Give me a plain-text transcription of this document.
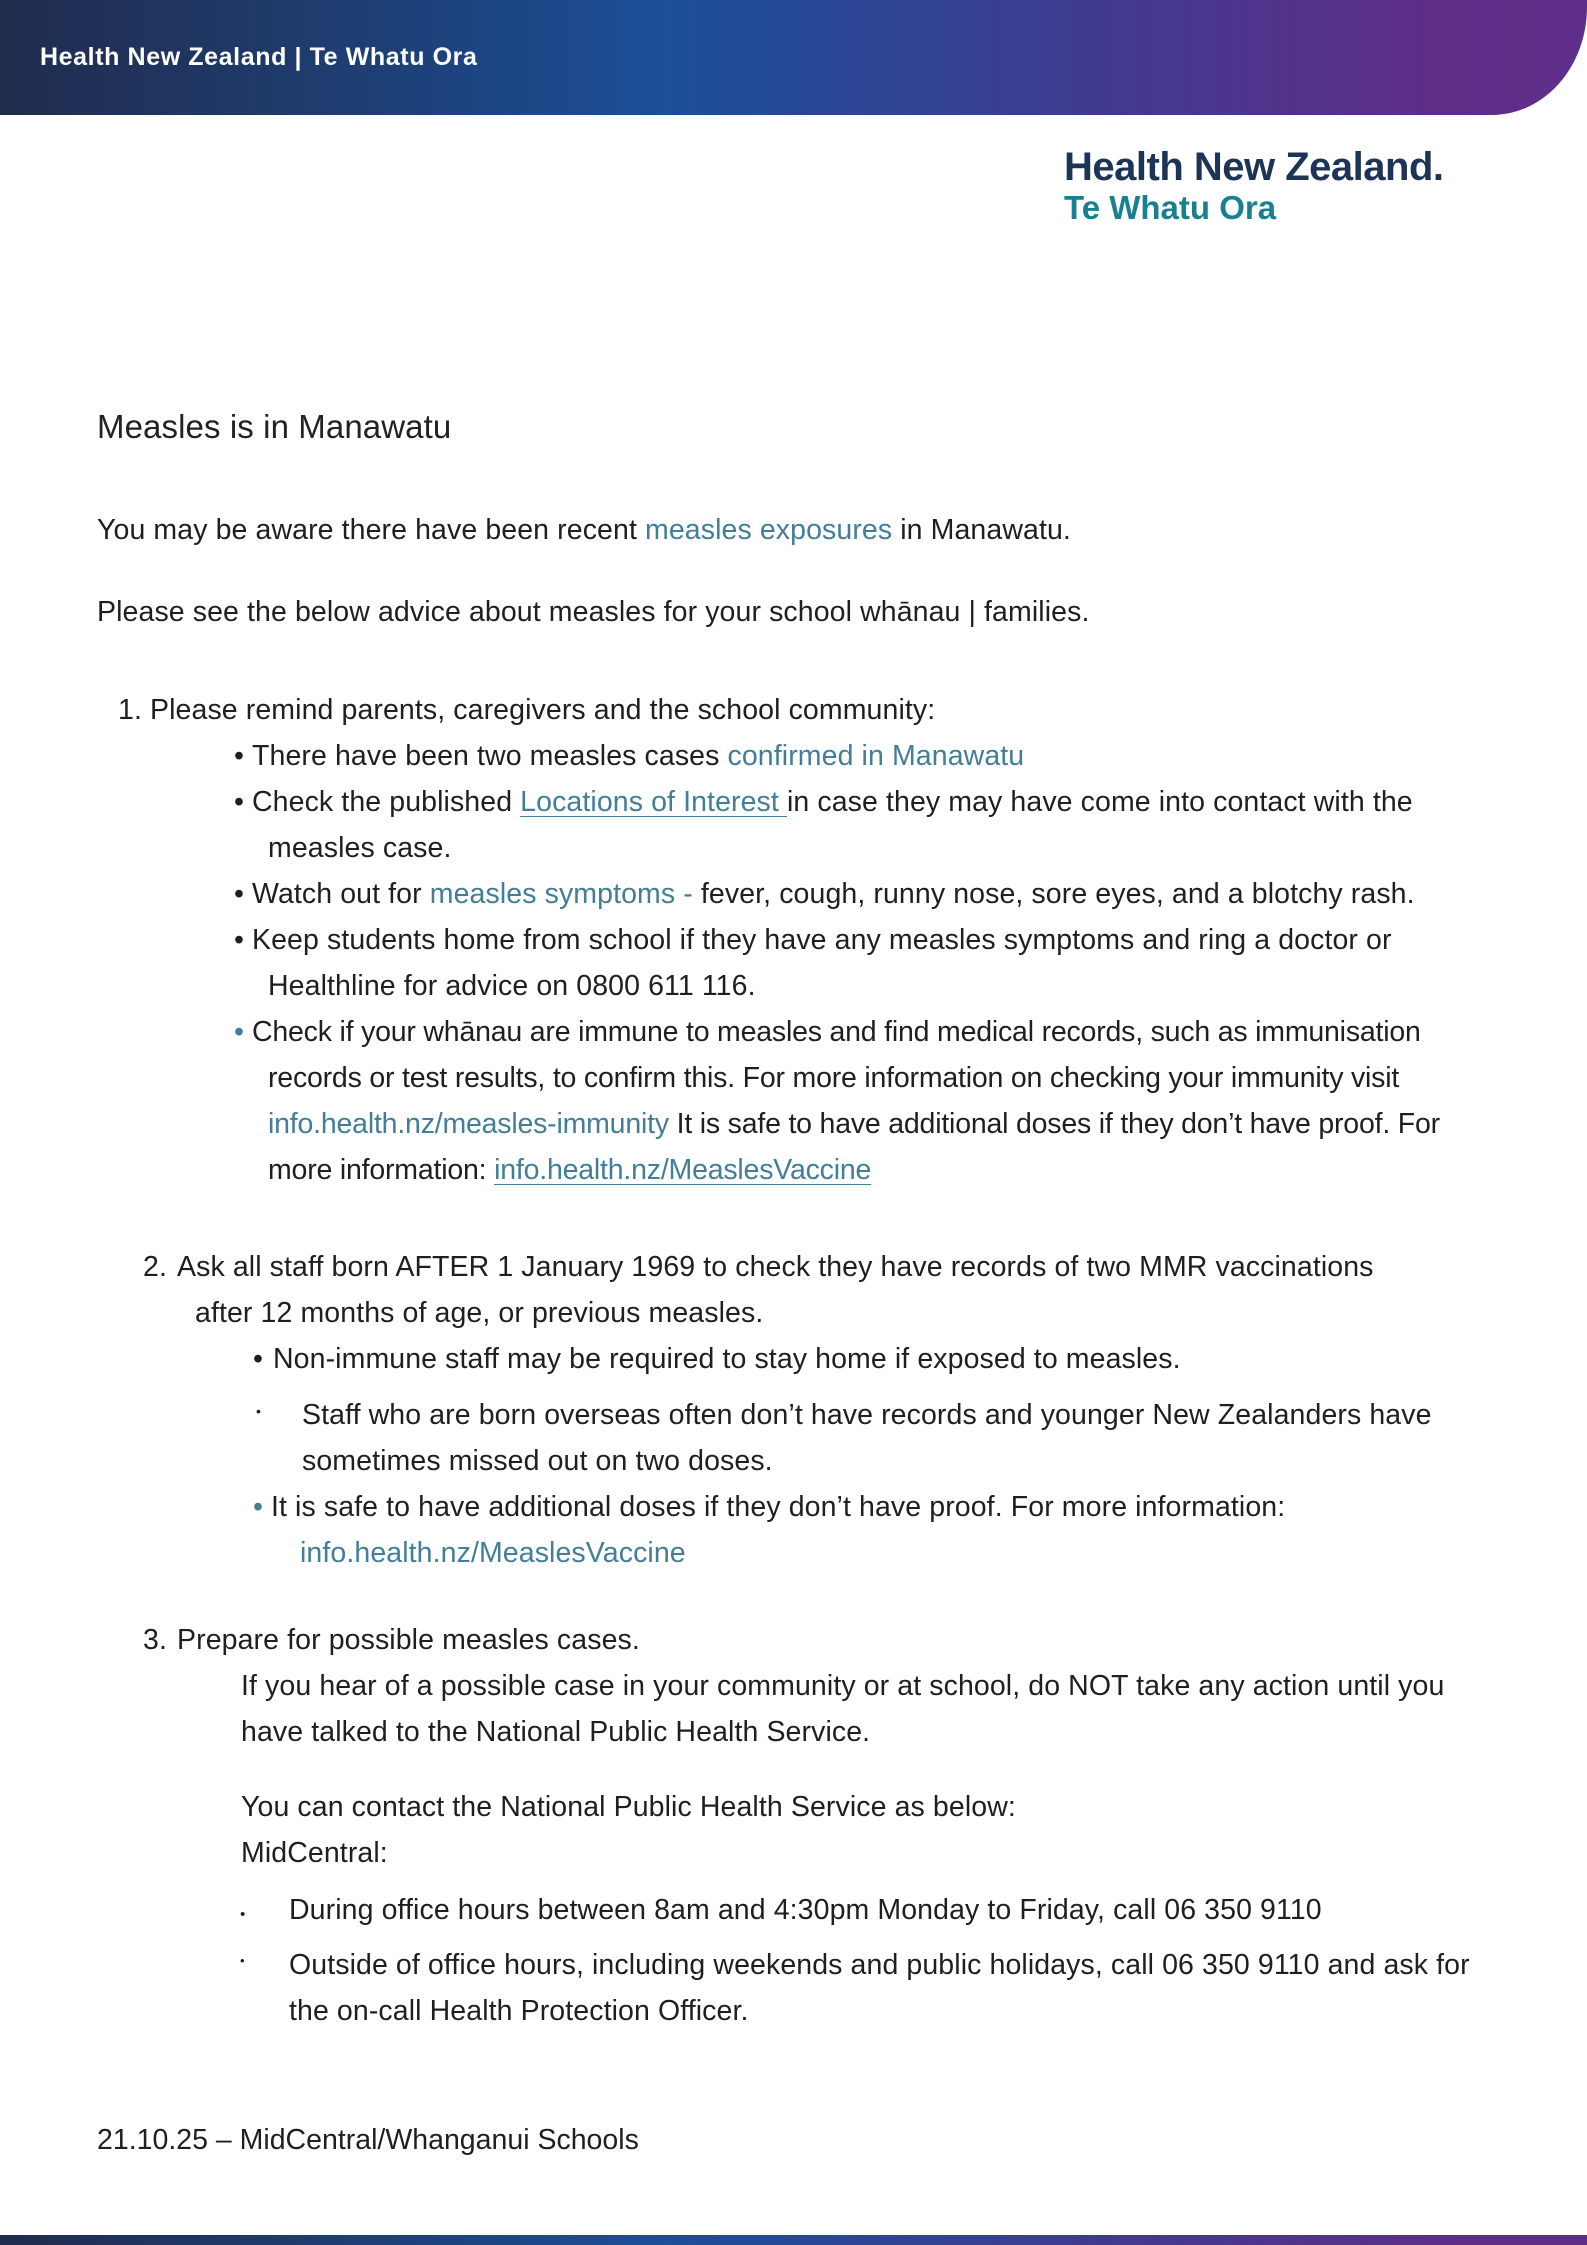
Health New Zealand | Te Whatu Ora
Health New Zealand.
Te Whatu Ora
Measles is in Manawatu

You may be aware there have been recent measles exposures in Manawatu.

Please see the below advice about measles for your school whānau | families.

1. Please remind parents, caregivers and the school community:

• There have been two measles cases confirmed in Manawatu
• Check the published Locations of Interest in case they may have come into contact with the measles case.
• Watch out for measles symptoms - fever, cough, runny nose, sore eyes, and a blotchy rash.
• Keep students home from school if they have any measles symptoms and ring a doctor or Healthline for advice on 0800 611 116.
• Check if your whānau are immune to measles and find medical records, such as immunisation records or test results, to confirm this. For more information on checking your immunity visit info.health.nz/measles-immunity It is safe to have additional doses if they don’t have proof. For more information: info.health.nz/MeaslesVaccine

2. Ask all staff born AFTER 1 January 1969 to check they have records of two MMR vaccinations after 12 months of age, or previous measles.

• Non-immune staff may be required to stay home if exposed to measles.
• Staff who are born overseas often don’t have records and younger New Zealanders have sometimes missed out on two doses.
• It is safe to have additional doses if they don’t have proof. For more information:
info.health.nz/MeaslesVaccine

3. Prepare for possible measles cases.

If you hear of a possible case in your community or at school, do NOT take any action until you have talked to the National Public Health Service.

You can contact the National Public Health Service as below:

MidCentral:

• During office hours between 8am and 4:30pm Monday to Friday, call 06 350 9110
• Outside of office hours, including weekends and public holidays, call 06 350 9110 and ask for the on-call Health Protection Officer.
21.10.25 – MidCentral/Whanganui Schools
